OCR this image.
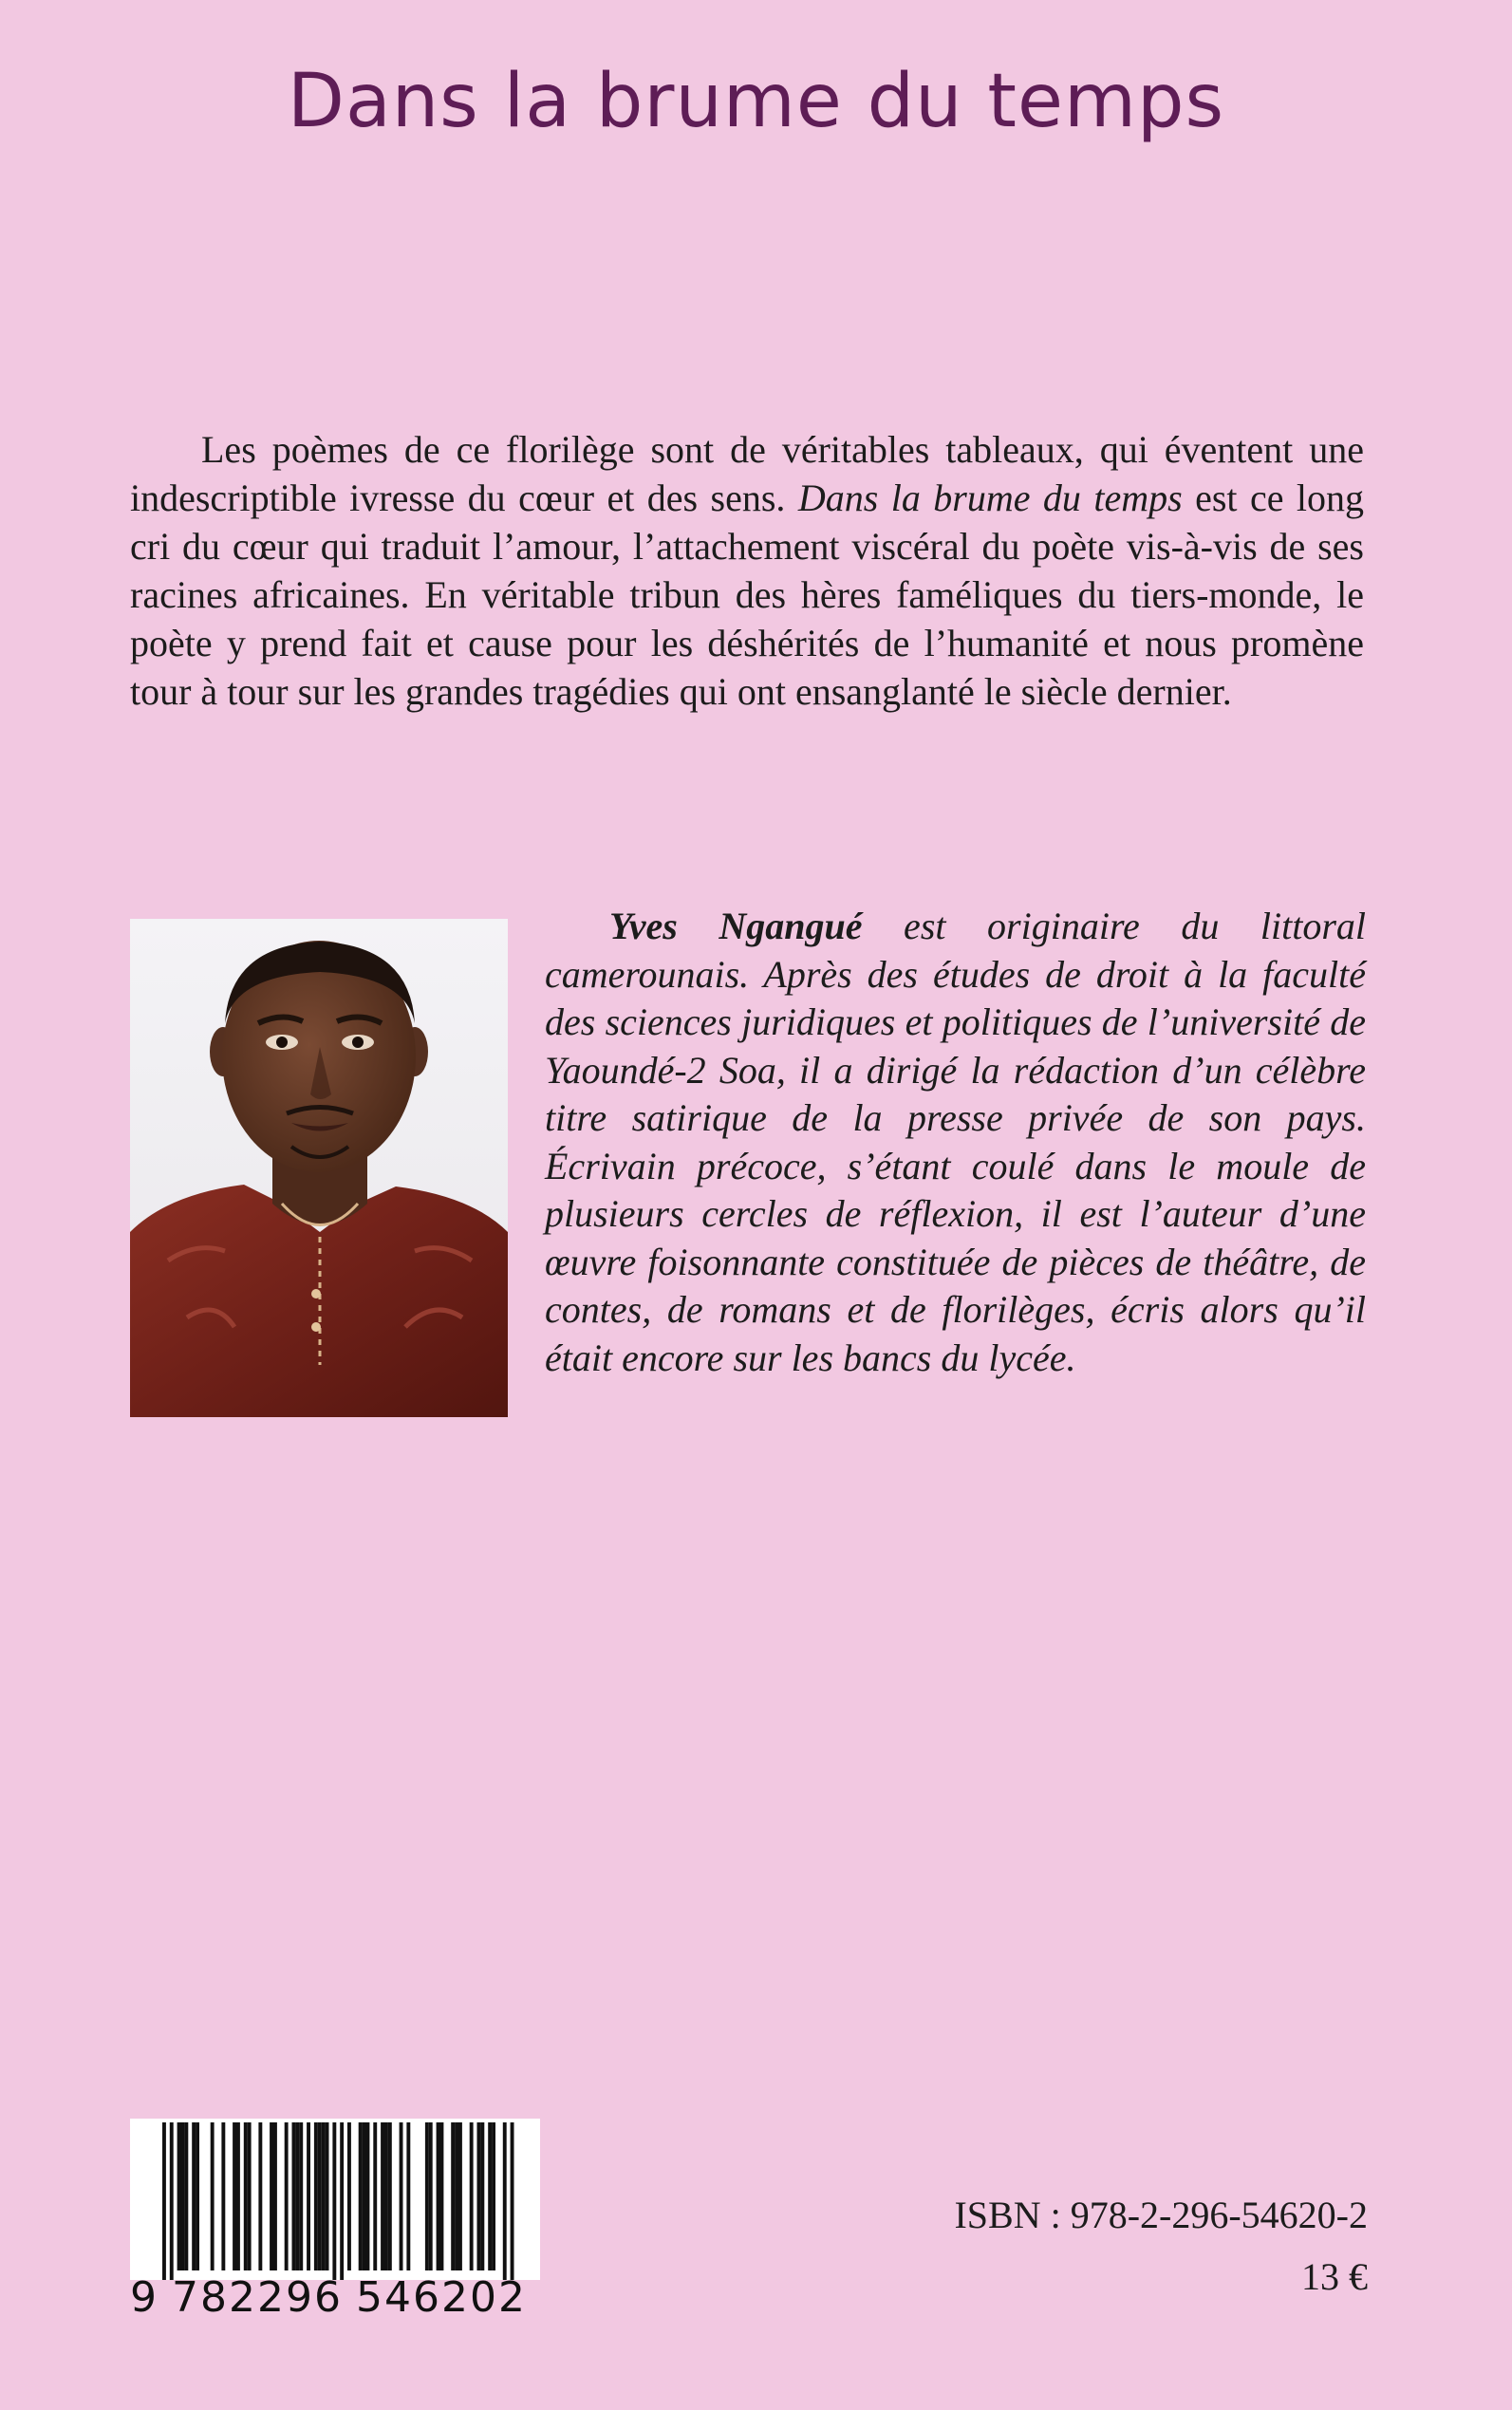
Dans la brume du temps

Les poèmes de ce florilège sont de véritables tableaux, qui éventent une indescriptible ivresse du cœur et des sens. Dans la brume du temps est ce long cri du cœur qui traduit l’amour, l’attachement viscéral du poète vis-à-vis de ses racines africaines. En véritable tribun des hères faméliques du tiers-monde, le poète y prend fait et cause pour les déshérités de l’humanité et nous promène tour à tour sur les grandes tragédies qui ont ensanglanté le siècle dernier.

Yves Ngangué est originaire du littoral camerounais. Après des études de droit à la faculté des sciences juridiques et politiques de l’université de Yaoundé-2 Soa, il a dirigé la rédaction d’un célèbre titre satirique de la presse privée de son pays. Écrivain précoce, s’étant coulé dans le moule de plusieurs cercles de réflexion, il est l’auteur d’une œuvre foisonnante constituée de pièces de théâtre, de contes, de romans et de florilèges, écris alors qu’il était encore sur les bancs du lycée.

9 782296 546202
ISBN : 978-2-296-54620-2
13 €
